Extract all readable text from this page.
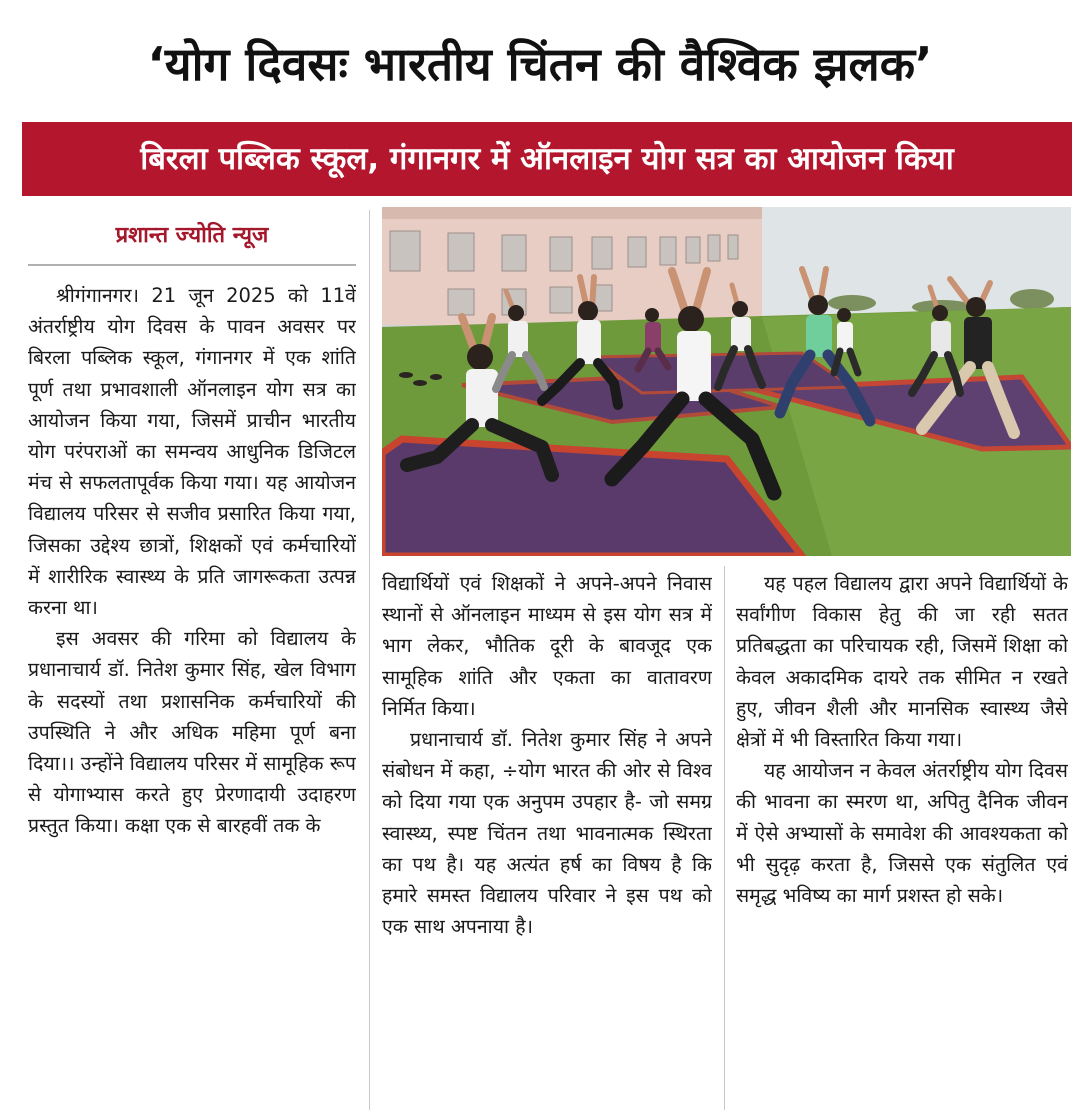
‘योग दिवसः भारतीय चिंतन की वैश्विक झलक’
बिरला पब्लिक स्कूल, गंगानगर में ऑनलाइन योग सत्र का आयोजन किया
प्रशान्त ज्योति न्यूज

श्रीगंगानगर। 21 जून 2025 को 11वें अंतर्राष्ट्रीय योग दिवस के पावन अवसर पर बिरला पब्लिक स्कूल, गंगानगर में एक शांति पूर्ण तथा प्रभावशाली ऑनलाइन योग सत्र का आयोजन किया गया, जिसमें प्राचीन भारतीय योग परंपराओं का समन्वय आधुनिक डिजिटल मंच से सफलतापूर्वक किया गया। यह आयोजन विद्यालय परिसर से सजीव प्रसारित किया गया, जिसका उद्देश्य छात्रों, शिक्षकों एवं कर्मचारियों में शारीरिक स्वास्थ्य के प्रति जागरूकता उत्पन्न करना था।

इस अवसर की गरिमा को विद्यालय के प्रधानाचार्य डॉ. नितेश कुमार सिंह, खेल विभाग के सदस्यों तथा प्रशासनिक कर्मचारियों की उपस्थिति ने और अधिक महिमा पूर्ण बना दिया।। उन्होंने विद्यालय परिसर में सामूहिक रूप से योगाभ्यास करते हुए प्रेरणादायी उदाहरण प्रस्तुत किया। कक्षा एक से बारहवीं तक के

विद्यार्थियों एवं शिक्षकों ने अपने-अपने निवास स्थानों से ऑनलाइन माध्यम से इस योग सत्र में भाग लेकर, भौतिक दूरी के बावजूद एक सामूहिक शांति और एकता का वातावरण निर्मित किया।

प्रधानाचार्य डॉ. नितेश कुमार सिंह ने अपने संबोधन में कहा, ÷योग भारत की ओर से विश्व को दिया गया एक अनुपम उपहार है- जो समग्र स्वास्थ्य, स्पष्ट चिंतन तथा भावनात्मक स्थिरता का पथ है। यह अत्यंत हर्ष का विषय है कि हमारे समस्त विद्यालय परिवार ने इस पथ को एक साथ अपनाया है।

यह पहल विद्यालय द्वारा अपने विद्यार्थियों के सर्वांगीण विकास हेतु की जा रही सतत प्रतिबद्धता का परिचायक रही, जिसमें शिक्षा को केवल अकादमिक दायरे तक सीमित न रखते हुए, जीवन शैली और मानसिक स्वास्थ्य जैसे क्षेत्रों में भी विस्तारित किया गया।

यह आयोजन न केवल अंतर्राष्ट्रीय योग दिवस की भावना का स्मरण था, अपितु दैनिक जीवन में ऐसे अभ्यासों के समावेश की आवश्यकता को भी सुदृढ़ करता है, जिससे एक संतुलित एवं समृद्ध भविष्य का मार्ग प्रशस्त हो सके।
